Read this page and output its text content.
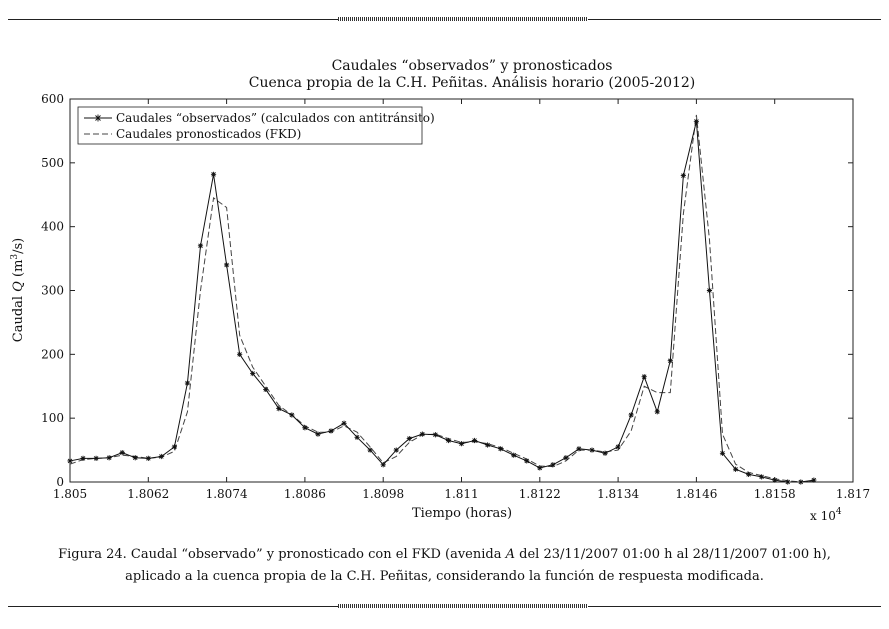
Caudales “observados” y pronosticados
Cuenca propia de la C.H. Peñitas. Análisis horario (2005-2012)
1.805	1.8062	1.8074	1.8086	1.8098	1.811	1.8122	1.8134	1.8146	1.8158	1.817
0
100
200
300
400
500
600
Tiempo (horas)	x $10^4$
Caudal Q $(m^3/s)$
Caudales “observados” (calculados con antitránsito)
Caudales pronosticados (FKD)
Figura 24. Caudal “observado” y pronosticado con el FKD (avenida A del 23/11/2007 01:00 h al 28/11/2007 01:00 h),
aplicado a la cuenca propia de la C.H. Peñitas, considerando la función de respuesta modificada.
